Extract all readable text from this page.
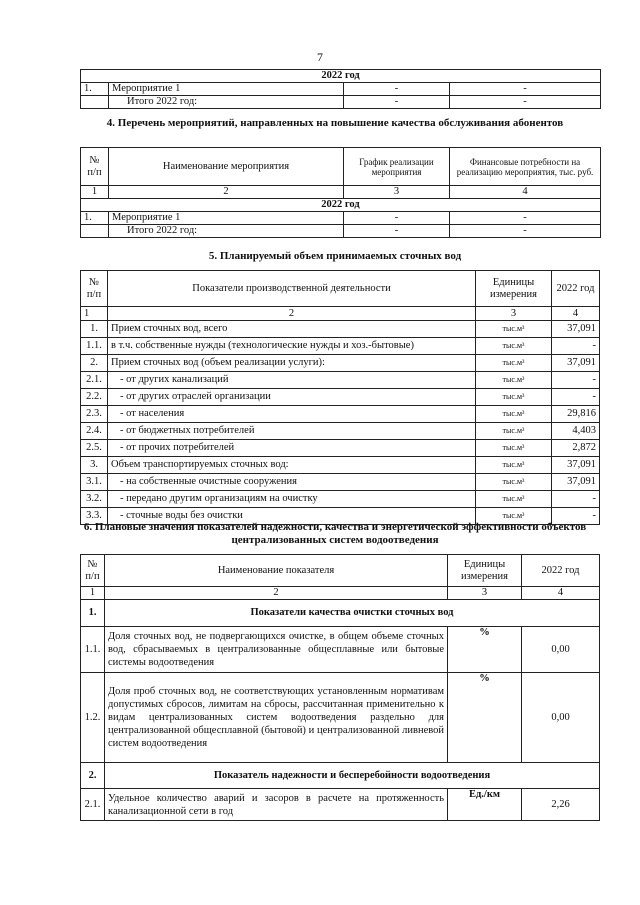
7
2022 год			
1.	Мероприятие 1	-	-
	Итого 2022 год:	-	-
4. Перечень мероприятий, направленных на повышение качества обслуживания абонентов
№ п/п	Наименование мероприятия	График реализации мероприятия	Финансовые потребности на реализацию мероприятия, тыс. руб.
1	2	3	4
2022 год			
1.	Мероприятие 1	-	-
	Итого 2022 год:	-	-
5. Планируемый объем принимаемых сточных вод
№ п/п	Показатели производственной деятельности	Единицы измерения	2022 год
1	2	3	4
1.	Прием сточных вод, всего	тыс.м³	37,091
1.1.	в т.ч. собственные нужды (технологические нужды и хоз.-бытовые)	тыс.м³	-
2.	Прием сточных вод (объем реализации услуги):	тыс.м³	37,091
2.1.	- от других канализаций	тыс.м³	-
2.2.	- от других отраслей организации	тыс.м³	-
2.3.	- от населения	тыс.м³	29,816
2.4.	- от бюджетных потребителей	тыс.м³	4,403
2.5.	- от прочих потребителей	тыс.м³	2,872
3.	Объем транспортируемых сточных вод:	тыс.м³	37,091
3.1.	- на собственные очистные сооружения	тыс.м³	37,091
3.2.	- передано другим организациям на очистку	тыс.м³	-
3.3.	- сточные воды без очистки	тыс.м³	-
6. Плановые значения показателей надежности, качества и энергетической эффективности объектов централизованных систем водоотведения
№ п/п	Наименование показателя	Единицы измерения	2022 год
1	2	3	4
1.	Показатели качества очистки сточных вод		
1.1.	Доля сточных вод, не подвергающихся очистке, в общем объеме сточных вод, сбрасываемых в централизованные общесплавные или бытовые системы водоотведения	%	0,00
1.2.	Доля проб сточных вод, не соответствующих установленным нормативам допустимых сбросов, лимитам на сбросы, рассчитанная применительно к видам централизованных систем водоотведения раздельно для централизованной общесплавной (бытовой) и централизованной ливневой систем водоотведения	%	0,00
2.	Показатель надежности и бесперебойности водоотведения		
2.1.	Удельное количество аварий и засоров в расчете на протяженность канализационной сети в год	Ед./км	2,26
